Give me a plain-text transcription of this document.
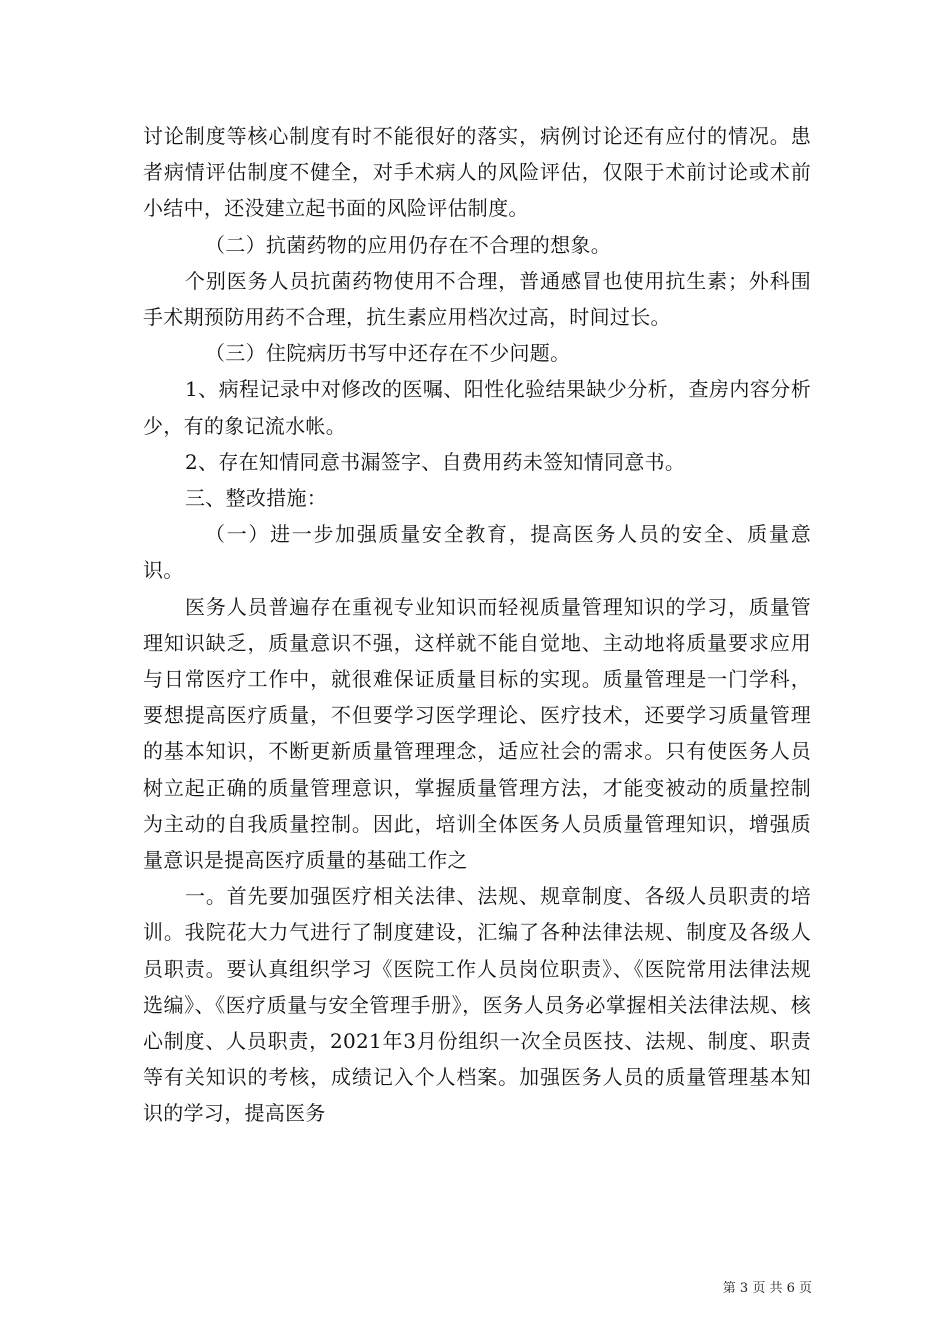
讨论制度等核心制度有时不能很好的落实，病例讨论还有应付的情况。患者病情评估制度不健全，对手术病人的风险评估，仅限于术前讨论或术前小结中，还没建立起书面的风险评估制度。

（二）抗菌药物的应用仍存在不合理的想象。

个别医务人员抗菌药物使用不合理，普通感冒也使用抗生素；外科围手术期预防用药不合理，抗生素应用档次过高，时间过长。

（三）住院病历书写中还存在不少问题。

1、病程记录中对修改的医嘱、阳性化验结果缺少分析，查房内容分析少，有的象记流水帐。

2、存在知情同意书漏签字、自费用药未签知情同意书。

三、整改措施：

（一）进一步加强质量安全教育，提高医务人员的安全、质量意识。

医务人员普遍存在重视专业知识而轻视质量管理知识的学习，质量管理知识缺乏，质量意识不强，这样就不能自觉地、主动地将质量要求应用与日常医疗工作中，就很难保证质量目标的实现。质量管理是一门学科，要想提高医疗质量，不但要学习医学理论、医疗技术，还要学习质量管理的基本知识，不断更新质量管理理念，适应社会的需求。只有使医务人员树立起正确的质量管理意识，掌握质量管理方法，才能变被动的质量控制为主动的自我质量控制。因此，培训全体医务人员质量管理知识，增强质量意识是提高医疗质量的基础工作之

一。首先要加强医疗相关法律、法规、规章制度、各级人员职责的培训。我院花大力气进行了制度建设，汇编了各种法律法规、制度及各级人员职责。要认真组织学习《医院工作人员岗位职责》、《医院常用法律法规选编》、《医疗质量与安全管理手册》，医务人员务必掌握相关法律法规、核心制度、人员职责，2021年3月份组织一次全员医技、法规、制度、职责等有关知识的考核，成绩记入个人档案。加强医务人员的质量管理基本知识的学习，提高医务

第 3 页 共 6 页
